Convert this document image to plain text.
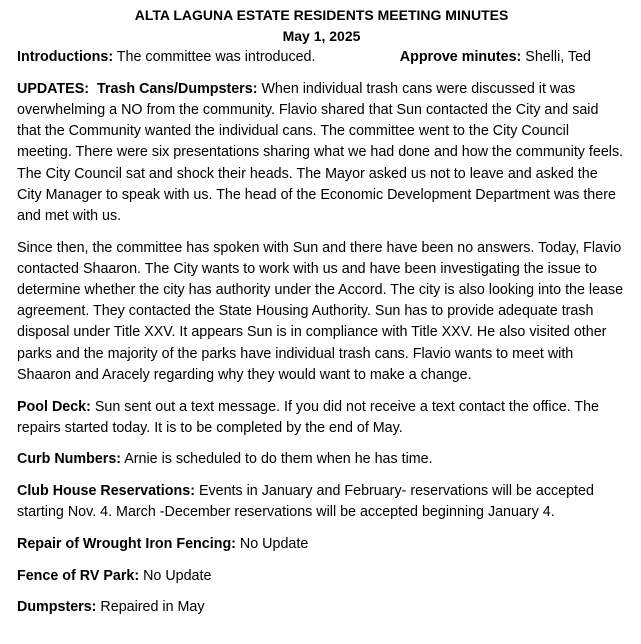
ALTA LAGUNA ESTATE RESIDENTS MEETING MINUTES

May 1, 2025

Introductions: The committee was introduced.	Approve minutes: Shelli, Ted

UPDATES: Trash Cans/Dumpsters: When individual trash cans were discussed it was overwhelming a NO from the community. Flavio shared that Sun contacted the City and said that the Community wanted the individual cans. The committee went to the City Council meeting. There were six presentations sharing what we had done and how the community feels. The City Council sat and shock their heads. The Mayor asked us not to leave and asked the City Manager to speak with us. The head of the Economic Development Department was there and met with us.

Since then, the committee has spoken with Sun and there have been no answers. Today, Flavio contacted Shaaron. The City wants to work with us and have been investigating the issue to determine whether the city has authority under the Accord. The city is also looking into the lease agreement. They contacted the State Housing Authority. Sun has to provide adequate trash disposal under Title XXV. It appears Sun is in compliance with Title XXV. He also visited other parks and the majority of the parks have individual trash cans. Flavio wants to meet with Shaaron and Aracely regarding why they would want to make a change.

Pool Deck: Sun sent out a text message. If you did not receive a text contact the office. The repairs started today. It is to be completed by the end of May.

Curb Numbers: Arnie is scheduled to do them when he has time.

Club House Reservations: Events in January and February- reservations will be accepted starting Nov. 4. March -December reservations will be accepted beginning January 4.

Repair of Wrought Iron Fencing: No Update

Fence of RV Park: No Update

Dumpsters: Repaired in May
